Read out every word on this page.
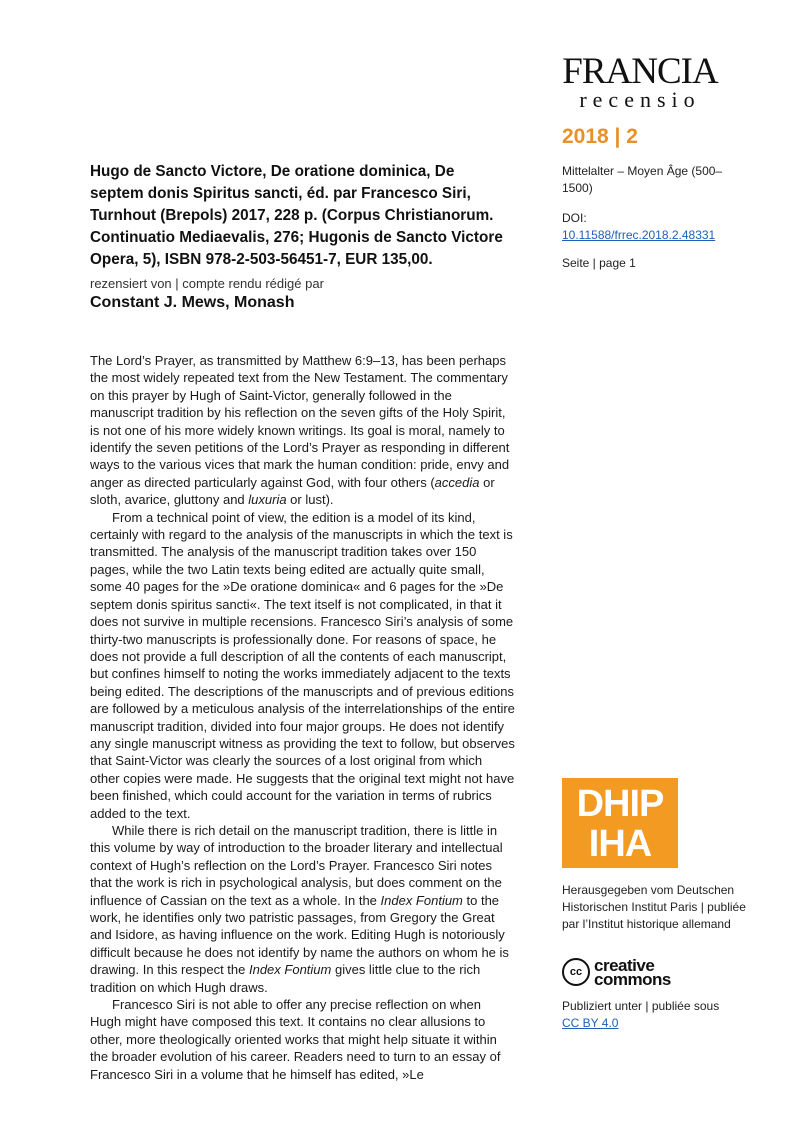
FRANCIA
recensio
2018 | 2
Mittelalter – Moyen Âge (500–1500)
DOI:
10.11588/frrec.2018.2.48331
Seite | page 1
Hugo de Sancto Victore, De oratione dominica, De septem donis Spiritus sancti, éd. par Francesco Siri, Turnhout (Brepols) 2017, 228 p. (Corpus Christianorum. Continuatio Mediaevalis, 276; Hugonis de Sancto Victore Opera, 5), ISBN 978-2-503-56451-7, EUR 135,00.
rezensiert von | compte rendu rédigé par
Constant J. Mews, Monash

The Lord’s Prayer, as transmitted by Matthew 6:9–13, has been perhaps the most widely repeated text from the New Testament. The commentary on this prayer by Hugh of Saint-Victor, generally followed in the manuscript tradition by his reflection on the seven gifts of the Holy Spirit, is not one of his more widely known writings. Its goal is moral, namely to identify the seven petitions of the Lord’s Prayer as responding in different ways to the various vices that mark the human condition: pride, envy and anger as directed particularly against God, with four others (accedia or sloth, avarice, gluttony and luxuria or lust).

From a technical point of view, the edition is a model of its kind, certainly with regard to the analysis of the manuscripts in which the text is transmitted. The analysis of the manuscript tradition takes over 150 pages, while the two Latin texts being edited are actually quite small, some 40 pages for the »De oratione dominica« and 6 pages for the »De septem donis spiritus sancti«. The text itself is not complicated, in that it does not survive in multiple recensions. Francesco Siri’s analysis of some thirty-two manuscripts is professionally done. For reasons of space, he does not provide a full description of all the contents of each manuscript, but confines himself to noting the works immediately adjacent to the texts being edited. The descriptions of the manuscripts and of previous editions are followed by a meticulous analysis of the interrelationships of the entire manuscript tradition, divided into four major groups. He does not identify any single manuscript witness as providing the text to follow, but observes that Saint-Victor was clearly the sources of a lost original from which other copies were made. He suggests that the original text might not have been finished, which could account for the variation in terms of rubrics added to the text.

While there is rich detail on the manuscript tradition, there is little in this volume by way of introduction to the broader literary and intellectual context of Hugh’s reflection on the Lord’s Prayer. Francesco Siri notes that the work is rich in psychological analysis, but does comment on the influence of Cassian on the text as a whole. In the Index Fontium to the work, he identifies only two patristic passages, from Gregory the Great and Isidore, as having influence on the work. Editing Hugh is notoriously difficult because he does not identify by name the authors on whom he is drawing. In this respect the Index Fontium gives little clue to the rich tradition on which Hugh draws.

Francesco Siri is not able to offer any precise reflection on when Hugh might have composed this text. It contains no clear allusions to other, more theologically oriented works that might help situate it within the broader evolution of his career. Readers need to turn to an essay of Francesco Siri in a volume that he himself has edited, »Le

DHIP
IHA
Herausgegeben vom Deutschen Historischen Institut Paris | publiée par l’Institut historique allemand
cc creative
commons
Publiziert unter | publiée sous
CC BY 4.0
